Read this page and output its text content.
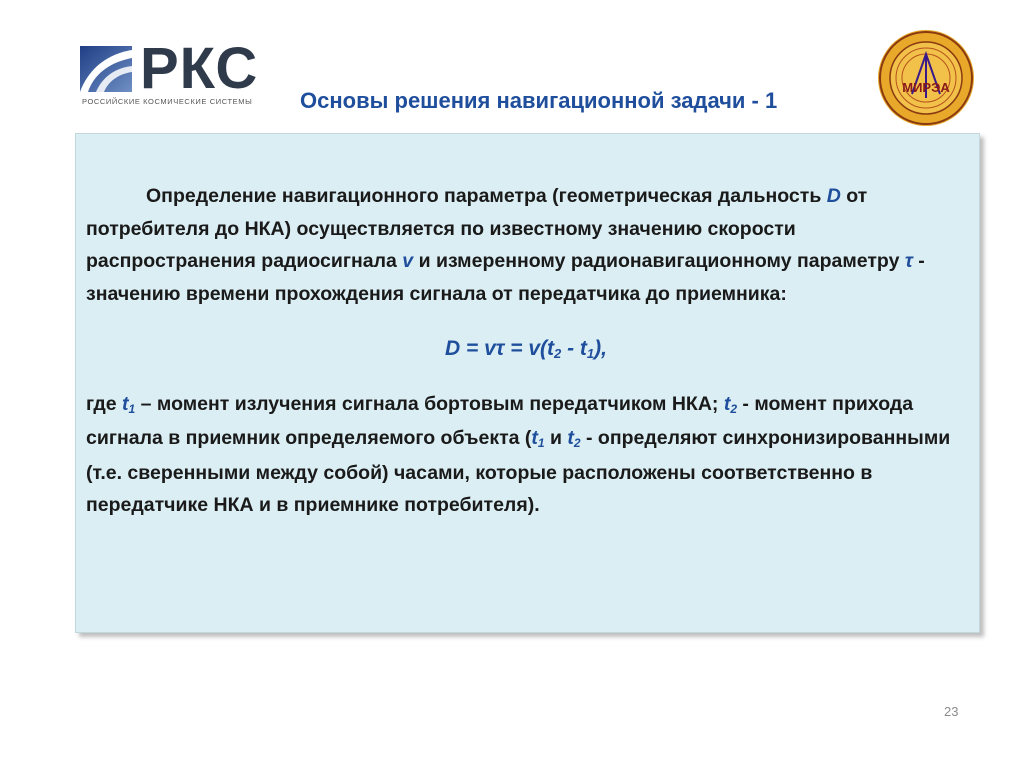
РКС
РОССИЙСКИЕ КОСМИЧЕСКИЕ СИСТЕМЫ Основы решения навигационной задачи - 1
МИРЭА

Определение навигационного параметра (геометрическая дальность D от потребителя до НКА) осуществляется по известному значению скорости распространения радиосигнала v и измеренному радионавигационному параметру τ - значению времени прохождения сигнала от передатчика до приемника:

$D = v\tau = v(t_2 - t_1)$,

где $t_1$ – момент излучения сигнала бортовым передатчиком НКА; $t_2$ - момент прихода сигнала в приемник определяемого объекта ($t_1$ и $t_2$ - определяют синхронизированными (т.е. сверенными между собой) часами, которые расположены соответственно в передатчике НКА и в приемнике потребителя).

23
